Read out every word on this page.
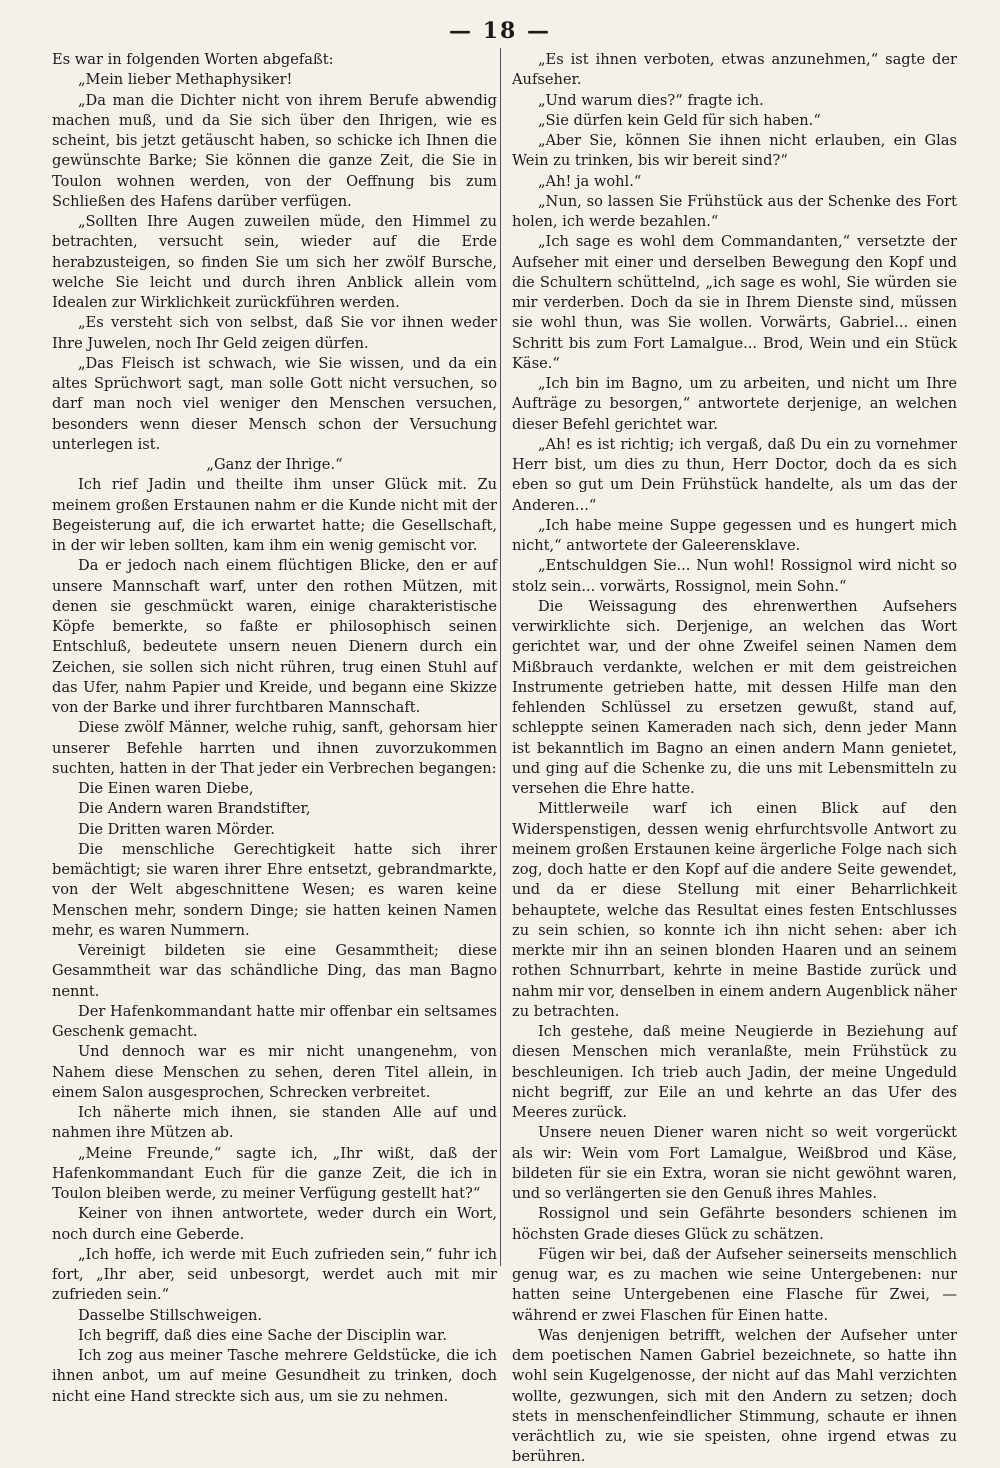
— 18 —

Es war in folgenden Worten abgefaßt:

„Mein lieber Methaphysiker!

„Da man die Dichter nicht von ihrem Berufe abwendig machen muß, und da Sie sich über den Ihrigen, wie es scheint, bis jetzt getäuscht haben, so schicke ich Ihnen die gewünschte Barke; Sie können die ganze Zeit, die Sie in Toulon wohnen werden, von der Oeffnung bis zum Schließen des Hafens darüber verfügen.

„Sollten Ihre Augen zuweilen müde, den Himmel zu betrachten, versucht sein, wieder auf die Erde herabzusteigen, so finden Sie um sich her zwölf Bursche, welche Sie leicht und durch ihren Anblick allein vom Idealen zur Wirklichkeit zurückführen werden.

„Es versteht sich von selbst, daß Sie vor ihnen weder Ihre Juwelen, noch Ihr Geld zeigen dürfen.

„Das Fleisch ist schwach, wie Sie wissen, und da ein altes Sprüchwort sagt, man solle Gott nicht versuchen, so darf man noch viel weniger den Menschen versuchen, besonders wenn dieser Mensch schon der Versuchung unterlegen ist.

„Ganz der Ihrige.“

Ich rief Jadin und theilte ihm unser Glück mit. Zu meinem großen Erstaunen nahm er die Kunde nicht mit der Begeisterung auf, die ich erwartet hatte; die Gesellschaft, in der wir leben sollten, kam ihm ein wenig gemischt vor.

Da er jedoch nach einem flüchtigen Blicke, den er auf unsere Mannschaft warf, unter den rothen Mützen, mit denen sie geschmückt waren, einige charakteristische Köpfe bemerkte, so faßte er philosophisch seinen Entschluß, bedeutete unsern neuen Dienern durch ein Zeichen, sie sollen sich nicht rühren, trug einen Stuhl auf das Ufer, nahm Papier und Kreide, und begann eine Skizze von der Barke und ihrer furchtbaren Mannschaft.

Diese zwölf Männer, welche ruhig, sanft, gehorsam hier unserer Befehle harrten und ihnen zuvorzukommen suchten, hatten in der That jeder ein Verbrechen begangen:

Die Einen waren Diebe,

Die Andern waren Brandstifter,

Die Dritten waren Mörder.

Die menschliche Gerechtigkeit hatte sich ihrer bemächtigt; sie waren ihrer Ehre entsetzt, gebrandmarkte, von der Welt abgeschnittene Wesen; es waren keine Menschen mehr, sondern Dinge; sie hatten keinen Namen mehr, es waren Nummern.

Vereinigt bildeten sie eine Gesammtheit; diese Gesammtheit war das schändliche Ding, das man Bagno nennt.

Der Hafenkommandant hatte mir offenbar ein seltsames Geschenk gemacht.

Und dennoch war es mir nicht unangenehm, von Nahem diese Menschen zu sehen, deren Titel allein, in einem Salon ausgesprochen, Schrecken verbreitet.

Ich näherte mich ihnen, sie standen Alle auf und nahmen ihre Mützen ab.

„Meine Freunde,“ sagte ich, „Ihr wißt, daß der Hafenkommandant Euch für die ganze Zeit, die ich in Toulon bleiben werde, zu meiner Verfügung gestellt hat?“

Keiner von ihnen antwortete, weder durch ein Wort, noch durch eine Geberde.

„Ich hoffe, ich werde mit Euch zufrieden sein,“ fuhr ich fort, „Ihr aber, seid unbesorgt, werdet auch mit mir zufrieden sein.“

Dasselbe Stillschweigen.

Ich begriff, daß dies eine Sache der Disciplin war.

Ich zog aus meiner Tasche mehrere Geldstücke, die ich ihnen anbot, um auf meine Gesundheit zu trinken, doch nicht eine Hand streckte sich aus, um sie zu nehmen.

„Es ist ihnen verboten, etwas anzunehmen,“ sagte der Aufseher.

„Und warum dies?“ fragte ich.

„Sie dürfen kein Geld für sich haben.“

„Aber Sie, können Sie ihnen nicht erlauben, ein Glas Wein zu trinken, bis wir bereit sind?“

„Ah! ja wohl.“

„Nun, so lassen Sie Frühstück aus der Schenke des Fort holen, ich werde bezahlen.“

„Ich sage es wohl dem Commandanten,“ versetzte der Aufseher mit einer und derselben Bewegung den Kopf und die Schultern schüttelnd, „ich sage es wohl, Sie würden sie mir verderben. Doch da sie in Ihrem Dienste sind, müssen sie wohl thun, was Sie wollen. Vorwärts, Gabriel... einen Schritt bis zum Fort Lamalgue... Brod, Wein und ein Stück Käse.“

„Ich bin im Bagno, um zu arbeiten, und nicht um Ihre Aufträge zu besorgen,“ antwortete derjenige, an welchen dieser Befehl gerichtet war.

„Ah! es ist richtig; ich vergaß, daß Du ein zu vornehmer Herr bist, um dies zu thun, Herr Doctor, doch da es sich eben so gut um Dein Frühstück handelte, als um das der Anderen...“

„Ich habe meine Suppe gegessen und es hungert mich nicht,“ antwortete der Galeerensklave.

„Entschuldgen Sie... Nun wohl! Rossignol wird nicht so stolz sein... vorwärts, Rossignol, mein Sohn.“

Die Weissagung des ehrenwerthen Aufsehers verwirklichte sich. Derjenige, an welchen das Wort gerichtet war, und der ohne Zweifel seinen Namen dem Mißbrauch verdankte, welchen er mit dem geistreichen Instrumente getrieben hatte, mit dessen Hilfe man den fehlenden Schlüssel zu ersetzen gewußt, stand auf, schleppte seinen Kameraden nach sich, denn jeder Mann ist bekanntlich im Bagno an einen andern Mann genietet, und ging auf die Schenke zu, die uns mit Lebensmitteln zu versehen die Ehre hatte.

Mittlerweile warf ich einen Blick auf den Widerspenstigen, dessen wenig ehrfurchtsvolle Antwort zu meinem großen Erstaunen keine ärgerliche Folge nach sich zog, doch hatte er den Kopf auf die andere Seite gewendet, und da er diese Stellung mit einer Beharrlichkeit behauptete, welche das Resultat eines festen Entschlusses zu sein schien, so konnte ich ihn nicht sehen: aber ich merkte mir ihn an seinen blonden Haaren und an seinem rothen Schnurrbart, kehrte in meine Bastide zurück und nahm mir vor, denselben in einem andern Augenblick näher zu betrachten.

Ich gestehe, daß meine Neugierde in Beziehung auf diesen Menschen mich veranlaßte, mein Frühstück zu beschleunigen. Ich trieb auch Jadin, der meine Ungeduld nicht begriff, zur Eile an und kehrte an das Ufer des Meeres zurück.

Unsere neuen Diener waren nicht so weit vorgerückt als wir: Wein vom Fort Lamalgue, Weißbrod und Käse, bildeten für sie ein Extra, woran sie nicht gewöhnt waren, und so verlängerten sie den Genuß ihres Mahles.

Rossignol und sein Gefährte besonders schienen im höchsten Grade dieses Glück zu schätzen.

Fügen wir bei, daß der Aufseher seinerseits menschlich genug war, es zu machen wie seine Untergebenen: nur hatten seine Untergebenen eine Flasche für Zwei, — während er zwei Flaschen für Einen hatte.

Was denjenigen betrifft, welchen der Aufseher unter dem poetischen Namen Gabriel bezeichnete, so hatte ihn wohl sein Kugelgenosse, der nicht auf das Mahl verzichten wollte, gezwungen, sich mit den Andern zu setzen; doch stets in menschenfeindlicher Stimmung, schaute er ihnen verächtlich zu, wie sie speisten, ohne irgend etwas zu berühren.
